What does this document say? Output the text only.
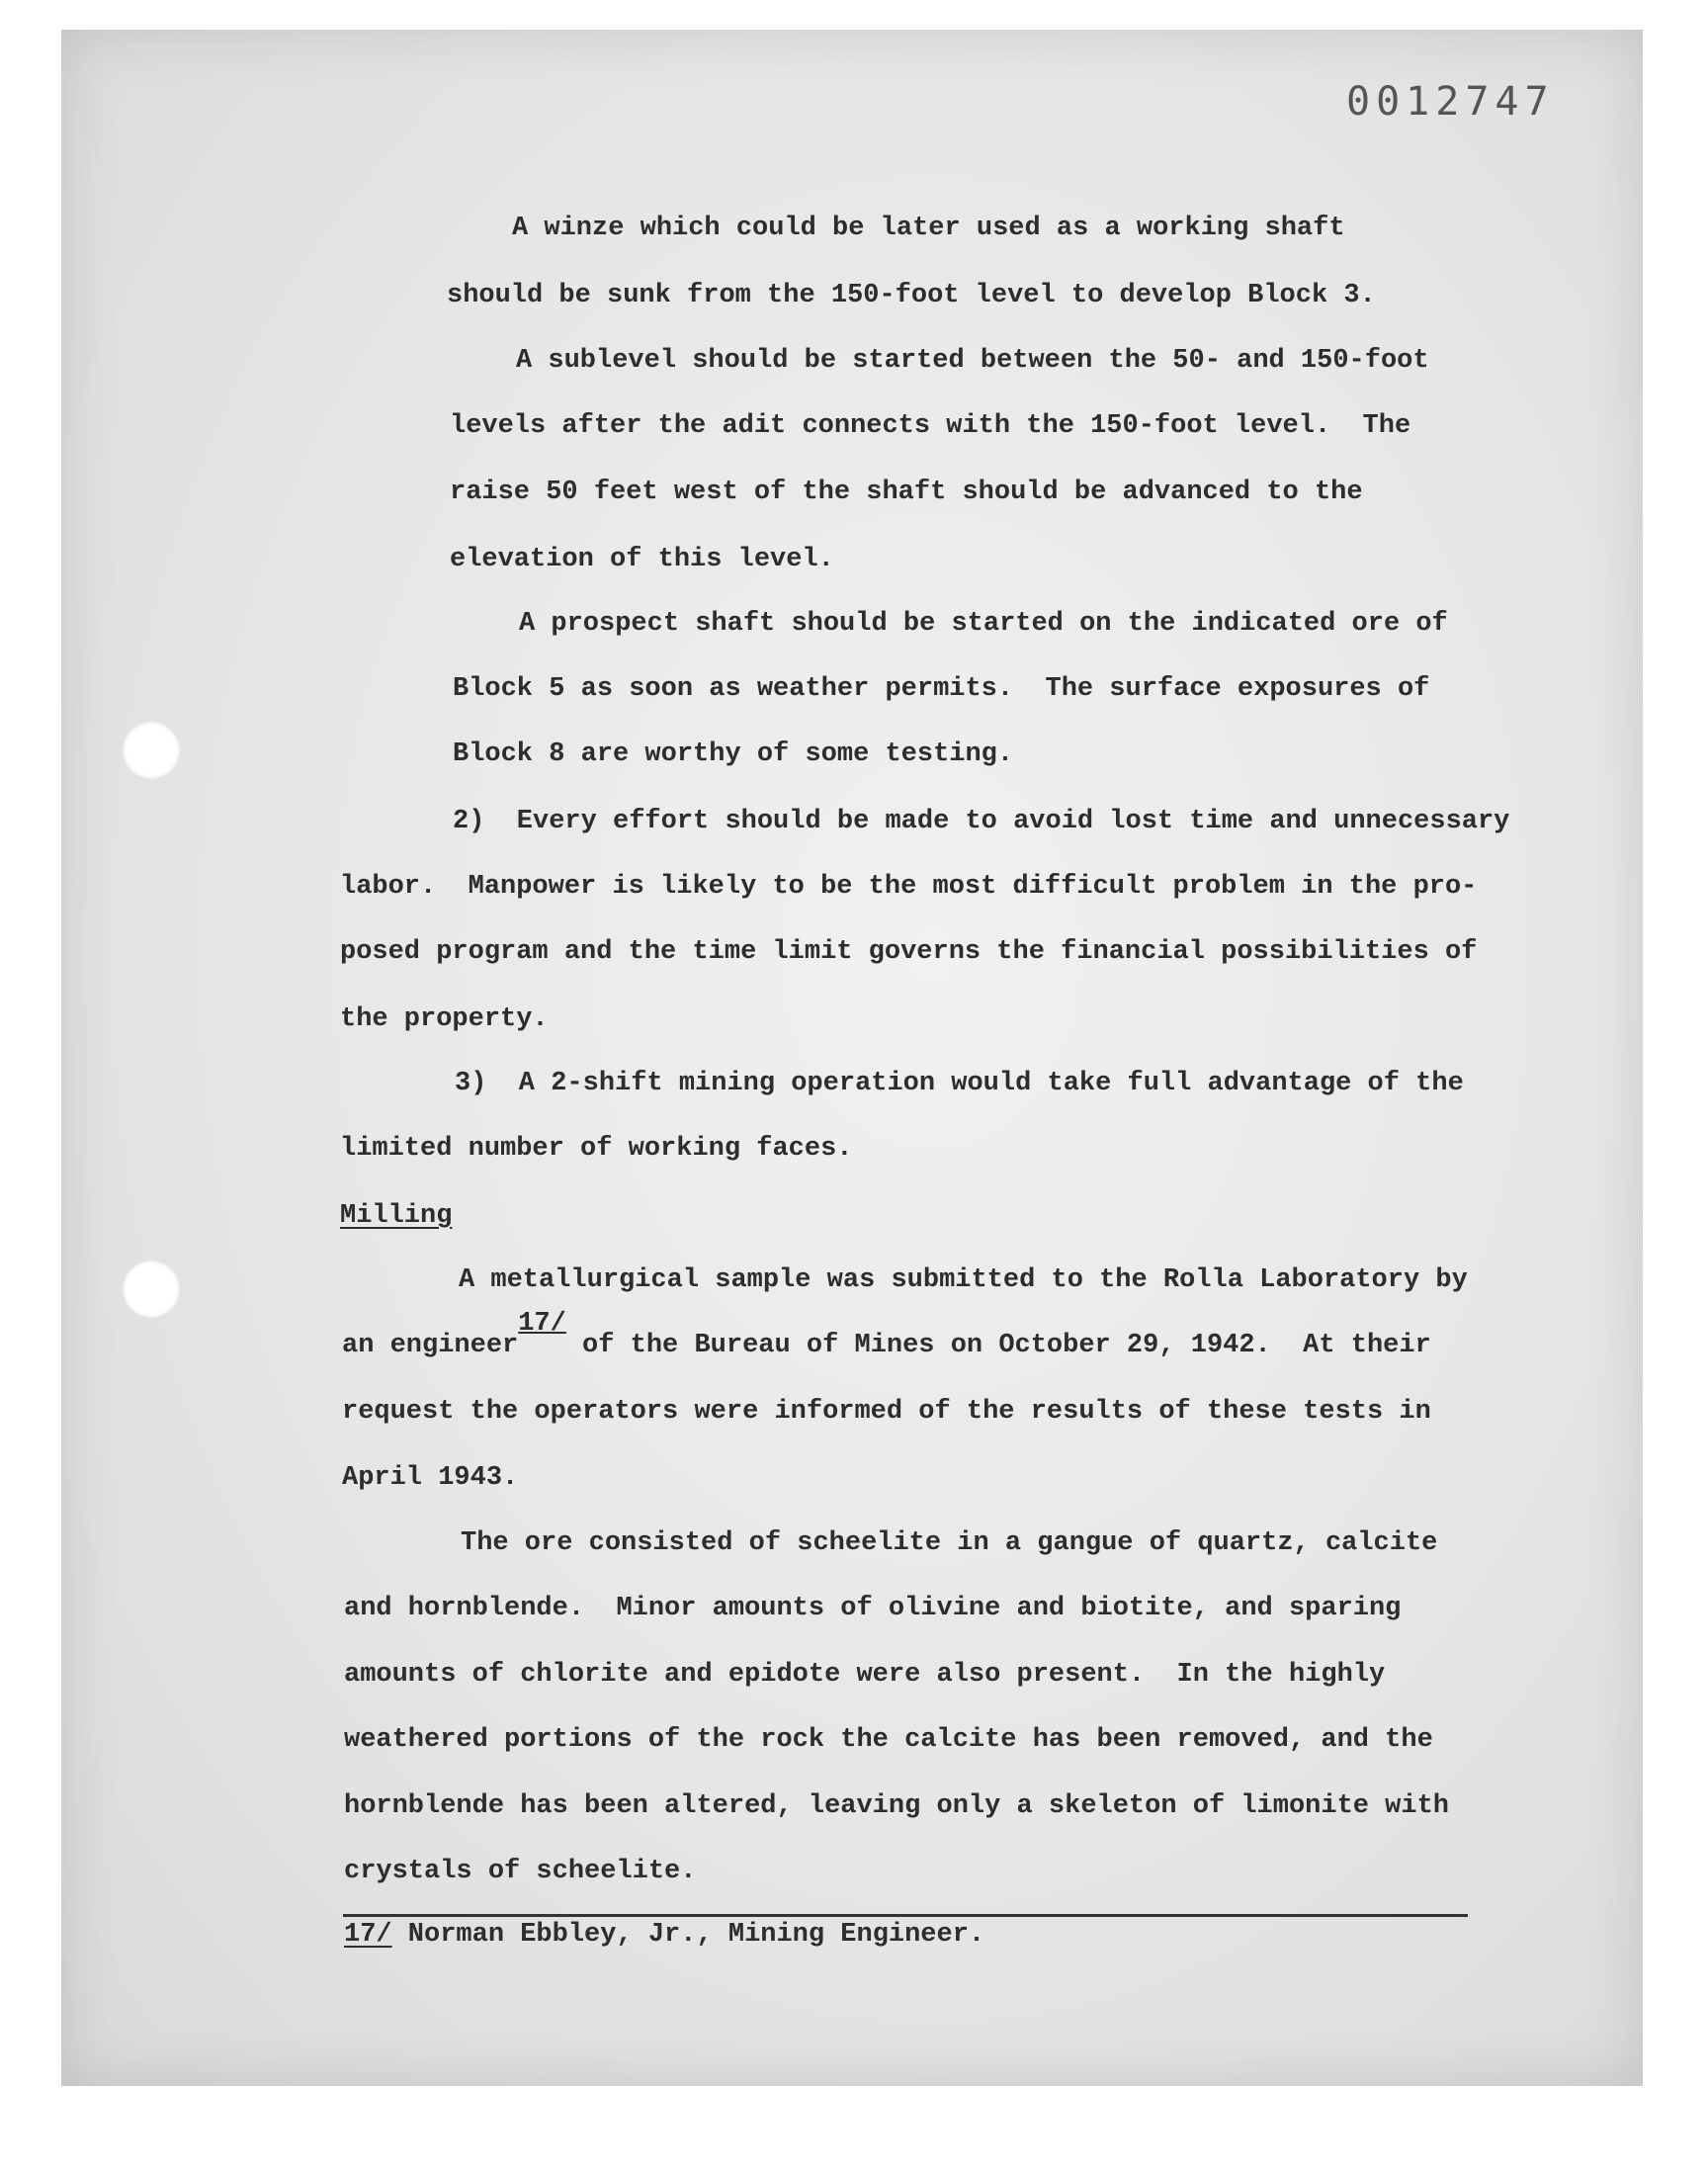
0012747
A winze which could be later used as a working shaft
should be sunk from the 150-foot level to develop Block 3.
A sublevel should be started between the 50- and 150-foot
levels after the adit connects with the 150-foot level.  The
raise 50 feet west of the shaft should be advanced to the
elevation of this level.
A prospect shaft should be started on the indicated ore of
Block 5 as soon as weather permits.  The surface exposures of
Block 8 are worthy of some testing.
2)  Every effort should be made to avoid lost time and unnecessary
labor.  Manpower is likely to be the most difficult problem in the pro-
posed program and the time limit governs the financial possibilities of
the property.
3)  A 2-shift mining operation would take full advantage of the
limited number of working faces.
Milling
A metallurgical sample was submitted to the Rolla Laboratory by
an engineer17/ of the Bureau of Mines on October 29, 1942.  At their
request the operators were informed of the results of these tests in
April 1943.
The ore consisted of scheelite in a gangue of quartz, calcite
and hornblende.  Minor amounts of olivine and biotite, and sparing
amounts of chlorite and epidote were also present.  In the highly
weathered portions of the rock the calcite has been removed, and the
hornblende has been altered, leaving only a skeleton of limonite with
crystals of scheelite.
17/ Norman Ebbley, Jr., Mining Engineer.
